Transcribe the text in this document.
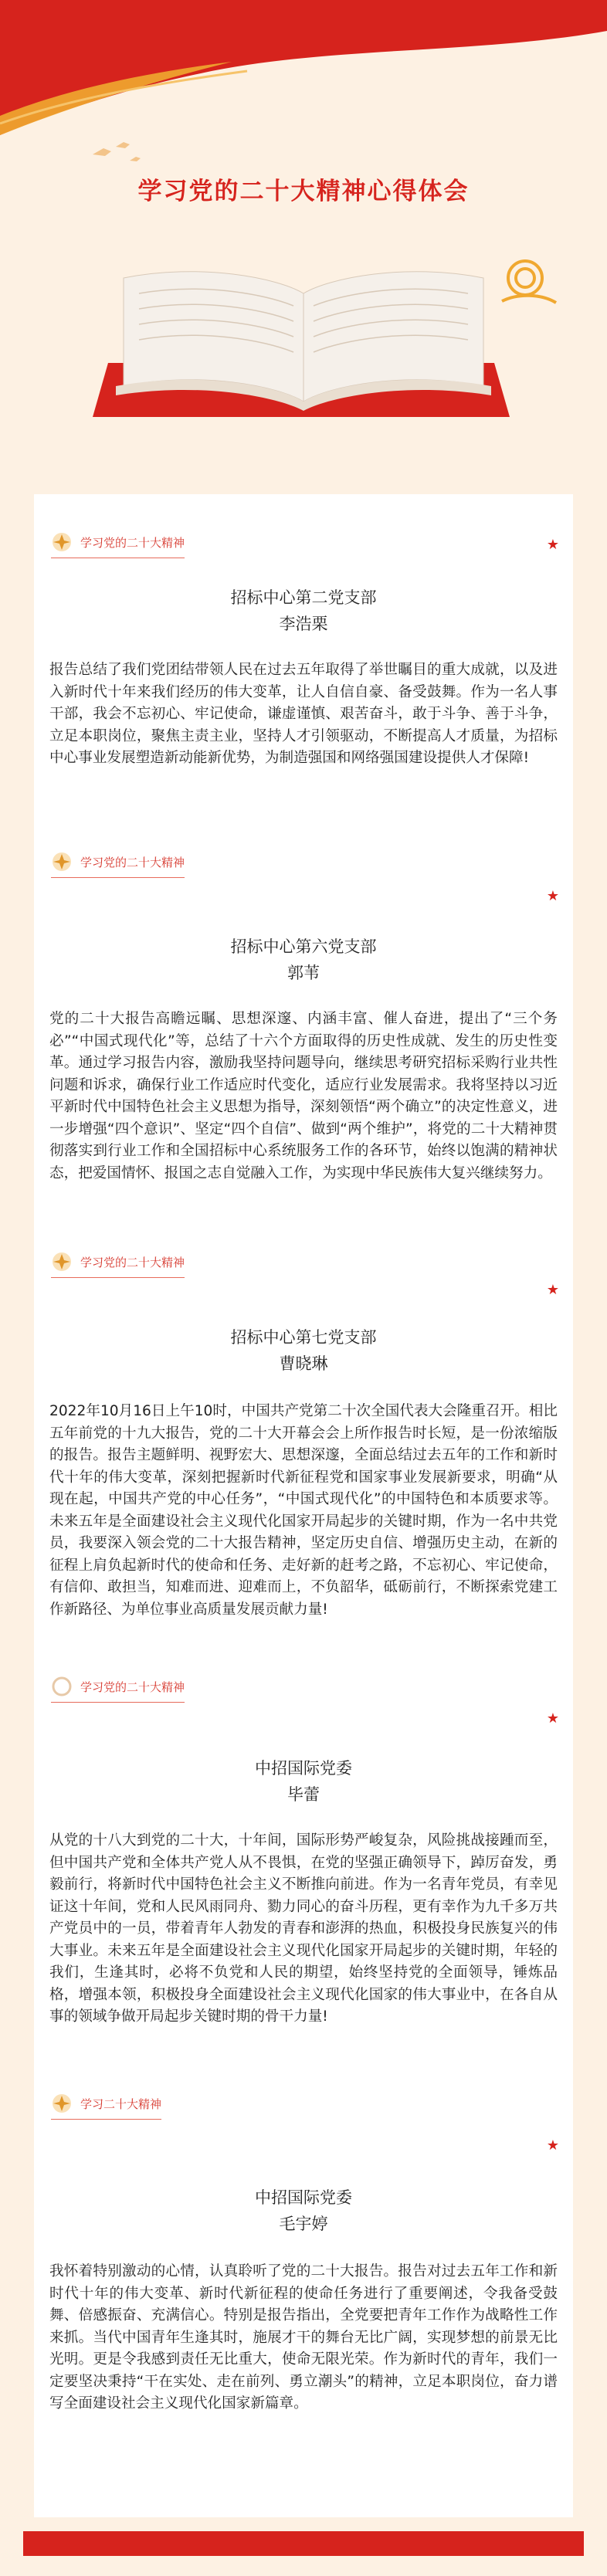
学习党的二十大精神心得体会
学习党的二十大精神	★
招标中心第二党支部
李浩栗
报告总结了我们党团结带领人民在过去五年取得了举世瞩目的重大成就，以及进入新时代十年来我们经历的伟大变革，让人自信自豪、备受鼓舞。作为一名人事干部，我会不忘初心、牢记使命，谦虚谨慎、艰苦奋斗，敢于斗争、善于斗争，立足本职岗位，聚焦主责主业，坚持人才引领驱动，不断提高人才质量，为招标中心事业发展塑造新动能新优势，为制造强国和网络强国建设提供人才保障!
学习党的二十大精神
★
招标中心第六党支部
郭苇
党的二十大报告高瞻远瞩、思想深邃、内涵丰富、催人奋进，提出了“三个务必”“中国式现代化”等，总结了十六个方面取得的历史性成就、发生的历史性变革。通过学习报告内容，激励我坚持问题导向，继续思考研究招标采购行业共性问题和诉求，确保行业工作适应时代变化，适应行业发展需求。我将坚持以习近平新时代中国特色社会主义思想为指导，深刻领悟“两个确立”的决定性意义，进一步增强“四个意识”、坚定“四个自信”、做到“两个维护”，将党的二十大精神贯彻落实到行业工作和全国招标中心系统服务工作的各环节，始终以饱满的精神状态，把爱国情怀、报国之志自觉融入工作，为实现中华民族伟大复兴继续努力。
学习党的二十大精神
★
招标中心第七党支部
曹晓琳
2022年10月16日上午10时，中国共产党第二十次全国代表大会隆重召开。相比五年前党的十九大报告，党的二十大开幕会会上所作报告时长短，是一份浓缩版的报告。报告主题鲜明、视野宏大、思想深邃，全面总结过去五年的工作和新时代十年的伟大变革，深刻把握新时代新征程党和国家事业发展新要求，明确“从现在起，中国共产党的中心任务”，“中国式现代化”的中国特色和本质要求等。未来五年是全面建设社会主义现代化国家开局起步的关键时期，作为一名中共党员，我要深入领会党的二十大报告精神，坚定历史自信、增强历史主动，在新的征程上肩负起新时代的使命和任务、走好新的赶考之路，不忘初心、牢记使命，有信仰、敢担当，知难而进、迎难而上，不负韶华，砥砺前行，不断探索党建工作新路径、为单位事业高质量发展贡献力量!
学习党的二十大精神
★
中招国际党委
毕蕾
从党的十八大到党的二十大，十年间，国际形势严峻复杂，风险挑战接踵而至，但中国共产党和全体共产党人从不畏惧，在党的坚强正确领导下，踔厉奋发，勇毅前行，将新时代中国特色社会主义不断推向前进。作为一名青年党员，有幸见证这十年间，党和人民风雨同舟、勠力同心的奋斗历程，更有幸作为九千多万共产党员中的一员，带着青年人勃发的青春和澎湃的热血，积极投身民族复兴的伟大事业。未来五年是全面建设社会主义现代化国家开局起步的关键时期，年轻的我们，生逢其时，必将不负党和人民的期望，始终坚持党的全面领导，锤炼品格，增强本领，积极投身全面建设社会主义现代化国家的伟大事业中，在各自从事的领域争做开局起步关键时期的骨干力量!
学习二十大精神
★
中招国际党委
毛宇婷
我怀着特别激动的心情，认真聆听了党的二十大报告。报告对过去五年工作和新时代十年的伟大变革、新时代新征程的使命任务进行了重要阐述，令我备受鼓舞、倍感振奋、充满信心。特别是报告指出，全党要把青年工作作为战略性工作来抓。当代中国青年生逢其时，施展才干的舞台无比广阔，实现梦想的前景无比光明。更是令我感到责任无比重大，使命无限光荣。作为新时代的青年，我们一定要坚决秉持“干在实处、走在前列、勇立潮头”的精神，立足本职岗位，奋力谱写全面建设社会主义现代化国家新篇章。
